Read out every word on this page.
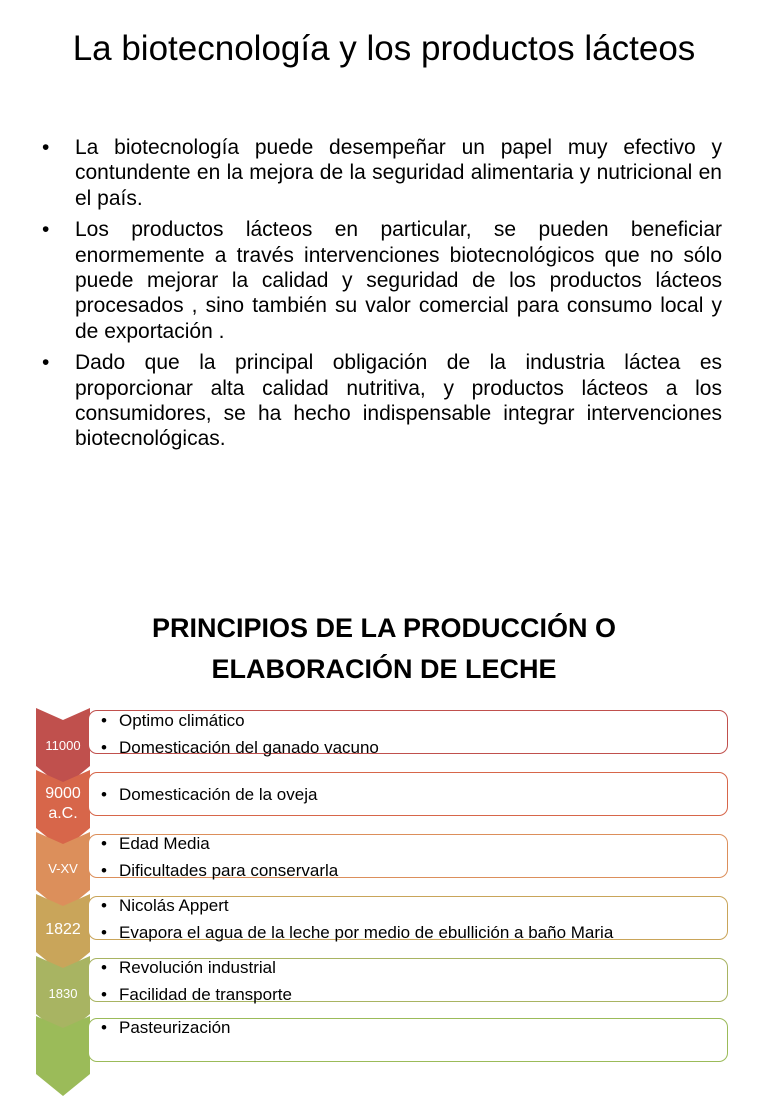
La biotecnología y los productos lácteos
• La biotecnología puede desempeñar un papel muy efectivo y contundente en la mejora de la seguridad alimentaria y nutricional en el país.
• Los productos lácteos en particular, se pueden beneficiar enormemente a través intervenciones biotecnológicos que no sólo puede mejorar la calidad y seguridad de los productos lácteos procesados , sino también su valor comercial para consumo local y de exportación .
• Dado que la principal obligación de la industria láctea es proporcionar alta calidad nutritiva, y productos lácteos a los consumidores, se ha hecho indispensable integrar intervenciones biotecnológicas.
PRINCIPIOS DE LA PRODUCCIÓN O
ELABORACIÓN DE LECHE
• Optimo climático
• Domesticación del ganado vacuno
11000
• Domesticación de la oveja
9000
a.C.
• Edad Media
• Dificultades para conservarla
V-XV
• Nicolás Appert
• Evapora el agua de la leche por medio de ebullición a baño Maria
1822
• Revolución industrial
• Facilidad de transporte
1830
• Pasteurización
